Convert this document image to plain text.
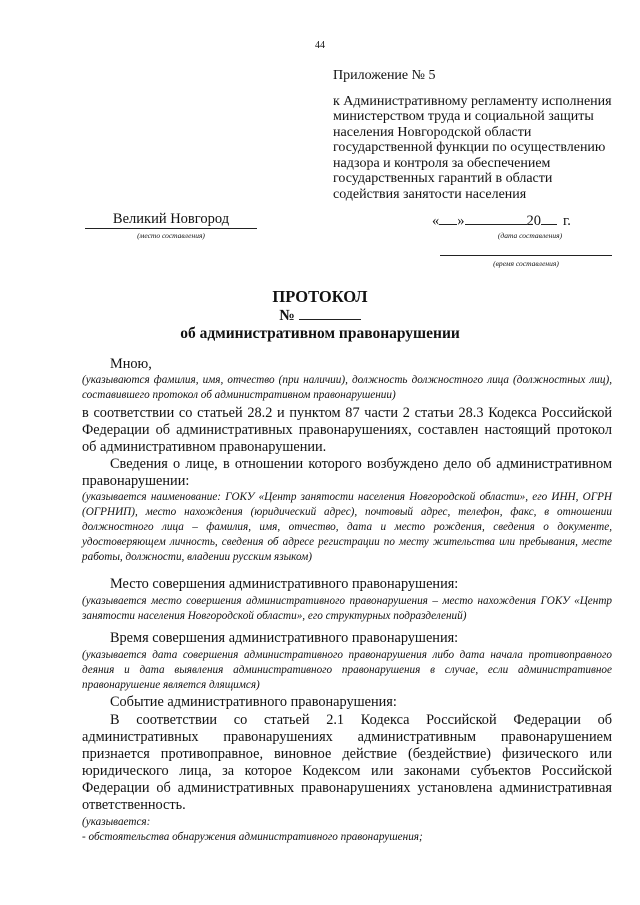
44
Приложение № 5
к Административному регламенту исполнения министерством труда и социальной защиты населения Новгородской области государственной функции по осуществлению надзора и контроля за обеспечением государственных гарантий в области содействия занятости населения
Великий Новгород
(место составления)
« »	20 г.
(дата составления)
(время составления)
ПРОТОКОЛ
№
об административном правонарушении
Мною,
(указываются фамилия, имя, отчество (при наличии), должность должностного лица (должностных лиц), составившего протокол об административном правонарушении)
в соответствии со статьей 28.2 и пунктом 87 части 2 статьи 28.3 Кодекса Российской Федерации об административных правонарушениях, составлен настоящий протокол об административном правонарушении.
Сведения о лице, в отношении которого возбуждено дело об административном правонарушении:
(указывается наименование: ГОКУ «Центр занятости населения Новгородской области», его ИНН, ОГРН (ОГРНИП), место нахождения (юридический адрес), почтовый адрес, телефон, факс, в отношении должностного лица – фамилия, имя, отчество, дата и место рождения, сведения о документе, удостоверяющем личность, сведения об адресе регистрации по месту жительства или пребывания, месте работы, должности, владении русским языком)
Место совершения административного правонарушения:
(указывается место совершения административного правонарушения – место нахождения ГОКУ «Центр занятости населения Новгородской области», его структурных подразделений)
Время совершения административного правонарушения:
(указывается дата совершения административного правонарушения либо дата начала противоправного деяния и дата выявления административного правонарушения в случае, если административное правонарушение является длящимся)
Событие административного правонарушения:
В соответствии со статьей 2.1 Кодекса Российской Федерации об административных правонарушениях административным правонарушением признается противоправное, виновное действие (бездействие) физического или юридического лица, за которое Кодексом или законами субъектов Российской Федерации об административных правонарушениях установлена административная ответственность.
(указывается:
- обстоятельства обнаружения административного правонарушения;
